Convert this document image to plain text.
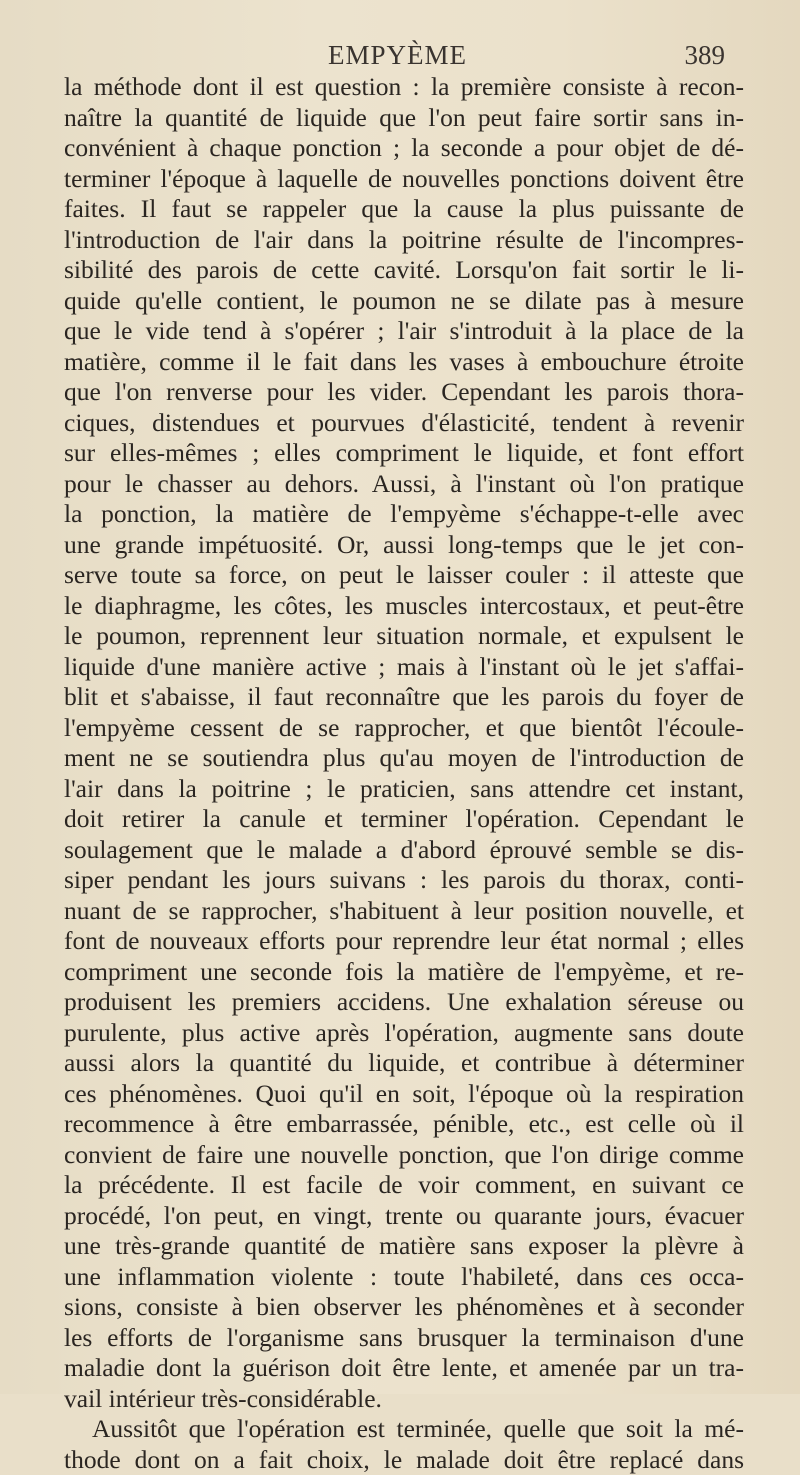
EMPYÈME	389
la méthode dont il est question : la première consiste à recon-
naître la quantité de liquide que l'on peut faire sortir sans in-
convénient à chaque ponction ; la seconde a pour objet de dé-
terminer l'époque à laquelle de nouvelles ponctions doivent être
faites. Il faut se rappeler que la cause la plus puissante de
l'introduction de l'air dans la poitrine résulte de l'incompres-
sibilité des parois de cette cavité. Lorsqu'on fait sortir le li-
quide qu'elle contient, le poumon ne se dilate pas à mesure
que le vide tend à s'opérer ; l'air s'introduit à la place de la
matière, comme il le fait dans les vases à embouchure étroite
que l'on renverse pour les vider. Cependant les parois thora-
ciques, distendues et pourvues d'élasticité, tendent à revenir
sur elles-mêmes ; elles compriment le liquide, et font effort
pour le chasser au dehors. Aussi, à l'instant où l'on pratique
la ponction, la matière de l'empyème s'échappe-t-elle avec
une grande impétuosité. Or, aussi long-temps que le jet con-
serve toute sa force, on peut le laisser couler : il atteste que
le diaphragme, les côtes, les muscles intercostaux, et peut-être
le poumon, reprennent leur situation normale, et expulsent le
liquide d'une manière active ; mais à l'instant où le jet s'affai-
blit et s'abaisse, il faut reconnaître que les parois du foyer de
l'empyème cessent de se rapprocher, et que bientôt l'écoule-
ment ne se soutiendra plus qu'au moyen de l'introduction de
l'air dans la poitrine ; le praticien, sans attendre cet instant,
doit retirer la canule et terminer l'opération. Cependant le
soulagement que le malade a d'abord éprouvé semble se dis-
siper pendant les jours suivans : les parois du thorax, conti-
nuant de se rapprocher, s'habituent à leur position nouvelle, et
font de nouveaux efforts pour reprendre leur état normal ; elles
compriment une seconde fois la matière de l'empyème, et re-
produisent les premiers accidens. Une exhalation séreuse ou
purulente, plus active après l'opération, augmente sans doute
aussi alors la quantité du liquide, et contribue à déterminer
ces phénomènes. Quoi qu'il en soit, l'époque où la respiration
recommence à être embarrassée, pénible, etc., est celle où il
convient de faire une nouvelle ponction, que l'on dirige comme
la précédente. Il est facile de voir comment, en suivant ce
procédé, l'on peut, en vingt, trente ou quarante jours, évacuer
une très-grande quantité de matière sans exposer la plèvre à
une inflammation violente : toute l'habileté, dans ces occa-
sions, consiste à bien observer les phénomènes et à seconder
les efforts de l'organisme sans brusquer la terminaison d'une
maladie dont la guérison doit être lente, et amenée par un tra-
vail intérieur très-considérable.
Aussitôt que l'opération est terminée, quelle que soit la mé-
thode dont on a fait choix, le malade doit être replacé dans
